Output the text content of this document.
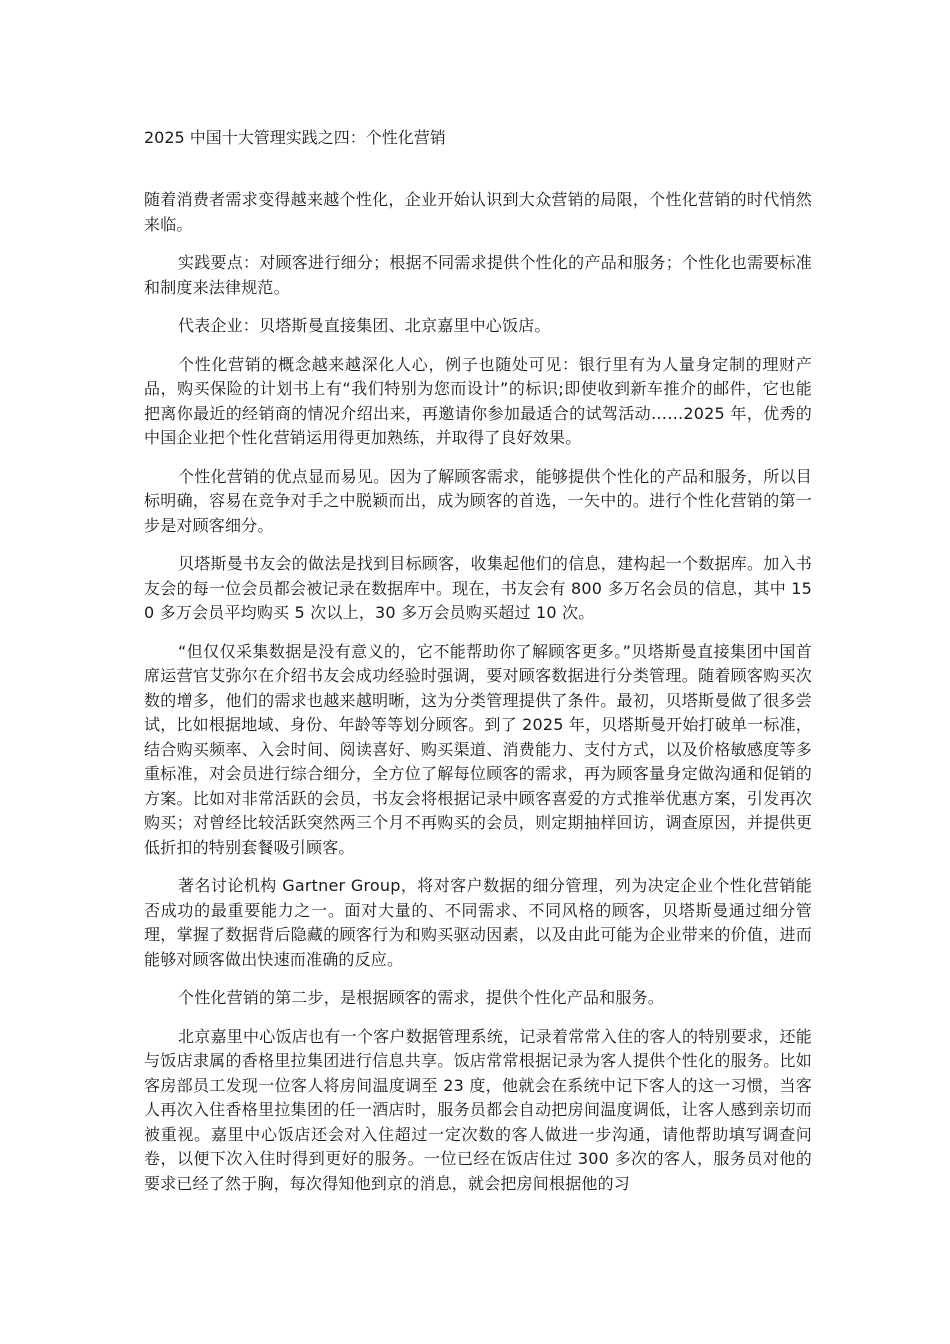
2025 中国十大管理实践之四：个性化营销

随着消费者需求变得越来越个性化，企业开始认识到大众营销的局限，个性化营销的时代悄然来临。

实践要点：对顾客进行细分；根据不同需求提供个性化的产品和服务；个性化也需要标准和制度来法律规范。

代表企业：贝塔斯曼直接集团、北京嘉里中心饭店。

个性化营销的概念越来越深化人心，例子也随处可见：银行里有为人量身定制的理财产品，购买保险的计划书上有“我们特别为您而设计”的标识;即使收到新车推介的邮件，它也能把离你最近的经销商的情况介绍出来，再邀请你参加最适合的试驾活动……2025 年，优秀的中国企业把个性化营销运用得更加熟练，并取得了良好效果。

个性化营销的优点显而易见。因为了解顾客需求，能够提供个性化的产品和服务，所以目标明确，容易在竞争对手之中脱颖而出，成为顾客的首选，一矢中的。进行个性化营销的第一步是对顾客细分。

贝塔斯曼书友会的做法是找到目标顾客，收集起他们的信息，建构起一个数据库。加入书友会的每一位会员都会被记录在数据库中。现在，书友会有 800 多万名会员的信息，其中 150 多万会员平均购买 5 次以上，30 多万会员购买超过 10 次。

“但仅仅采集数据是没有意义的，它不能帮助你了解顾客更多。”贝塔斯曼直接集团中国首席运营官艾弥尔在介绍书友会成功经验时强调，要对顾客数据进行分类管理。随着顾客购买次数的增多，他们的需求也越来越明晰，这为分类管理提供了条件。最初，贝塔斯曼做了很多尝试，比如根据地域、身份、年龄等等划分顾客。到了 2025 年，贝塔斯曼开始打破单一标准，结合购买频率、入会时间、阅读喜好、购买渠道、消费能力、支付方式，以及价格敏感度等多重标准，对会员进行综合细分，全方位了解每位顾客的需求，再为顾客量身定做沟通和促销的方案。比如对非常活跃的会员，书友会将根据记录中顾客喜爱的方式推举优惠方案，引发再次购买；对曾经比较活跃突然两三个月不再购买的会员，则定期抽样回访，调查原因，并提供更低折扣的特别套餐吸引顾客。

著名讨论机构 Gartner Group，将对客户数据的细分管理，列为决定企业个性化营销能否成功的最重要能力之一。面对大量的、不同需求、不同风格的顾客，贝塔斯曼通过细分管理，掌握了数据背后隐藏的顾客行为和购买驱动因素，以及由此可能为企业带来的价值，进而能够对顾客做出快速而准确的反应。

个性化营销的第二步，是根据顾客的需求，提供个性化产品和服务。

北京嘉里中心饭店也有一个客户数据管理系统，记录着常常入住的客人的特别要求，还能与饭店隶属的香格里拉集团进行信息共享。饭店常常根据记录为客人提供个性化的服务。比如客房部员工发现一位客人将房间温度调至 23 度，他就会在系统中记下客人的这一习惯，当客人再次入住香格里拉集团的任一酒店时，服务员都会自动把房间温度调低，让客人感到亲切而被重视。嘉里中心饭店还会对入住超过一定次数的客人做进一步沟通，请他帮助填写调查问卷，以便下次入住时得到更好的服务。一位已经在饭店住过 300 多次的客人，服务员对他的要求已经了然于胸，每次得知他到京的消息，就会把房间根据他的习
